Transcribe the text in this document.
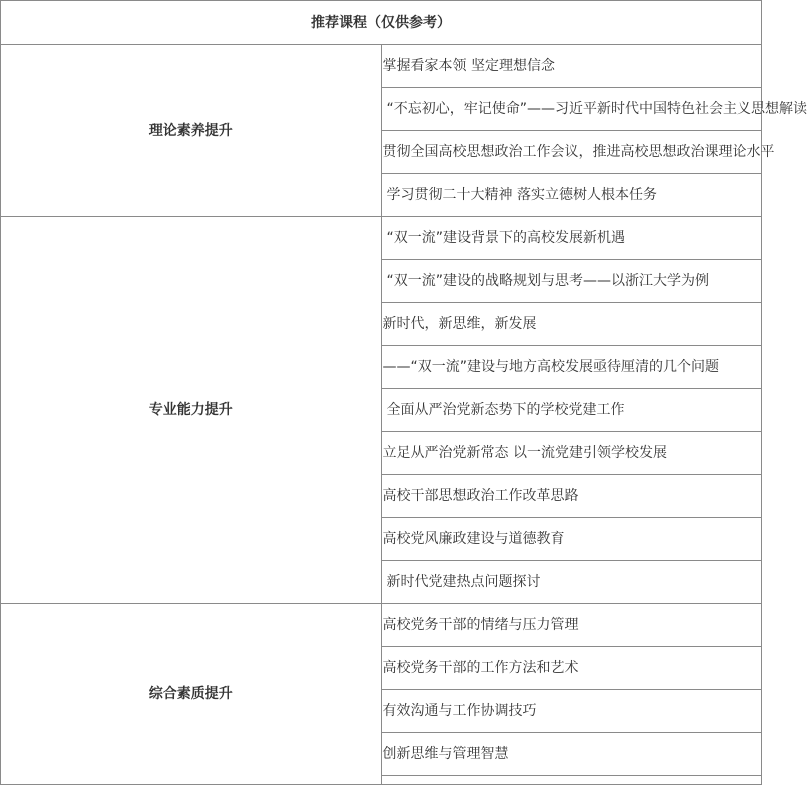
推荐课程（仅供参考）	
理论素养提升	掌握看家本领 坚定理想信念
	“不忘初心，牢记使命”——习近平新时代中国特色社会主义思想解读
	贯彻全国高校思想政治工作会议，推进高校思想政治课理论水平
	学习贯彻二十大精神 落实立德树人根本任务
专业能力提升	“双一流”建设背景下的高校发展新机遇
	“双一流”建设的战略规划与思考——以浙江大学为例
	新时代，新思维，新发展
	——“双一流”建设与地方高校发展亟待厘清的几个问题
	全面从严治党新态势下的学校党建工作
	立足从严治党新常态 以一流党建引领学校发展
	高校干部思想政治工作改革思路
	高校党风廉政建设与道德教育
	新时代党建热点问题探讨
综合素质提升	高校党务干部的情绪与压力管理
	高校党务干部的工作方法和艺术
	有效沟通与工作协调技巧
	创新思维与管理智慧
